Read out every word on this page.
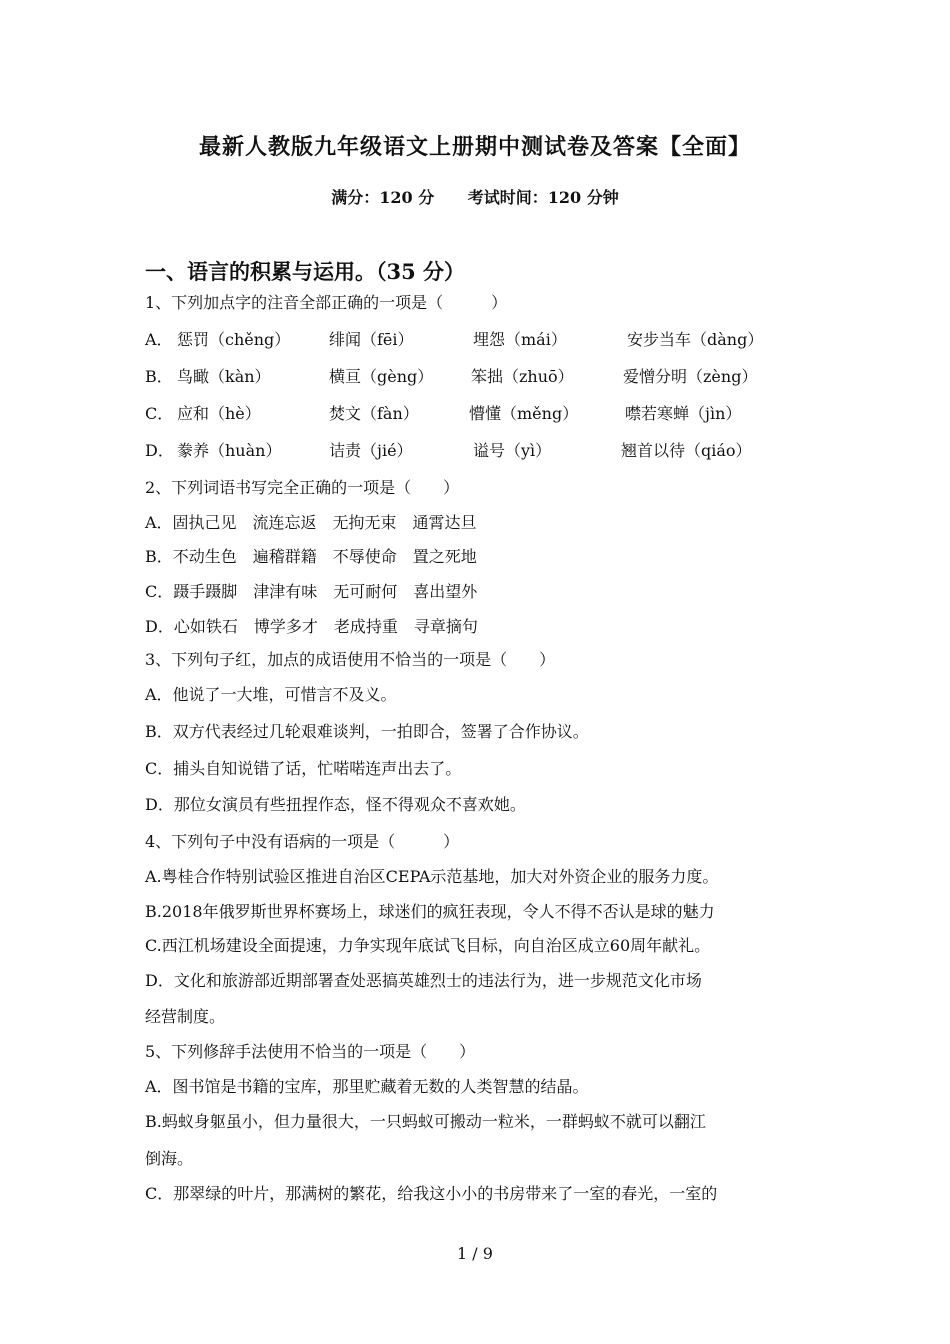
最新人教版九年级语文上册期中测试卷及答案【全面】
满分：120 分 考试时间：120 分钟
一、语言的积累与运用。（35 分）
1、下列加点字的注音全部正确的一项是（　　　）
A． 惩罚（chěng） 绯闻（fēi）	埋怨（mái）	安步当车（dàng）
B． 鸟瞰（kàn）	横亘（gèng） 笨拙（zhuō）	爱憎分明（zèng）
C． 应和（hè）	焚文（fàn）	懵懂（měng）	噤若寒蝉（jìn）
D． 豢养（huàn）	诘责（jié）	谥号（yì）	翘首以待（qiáo）
2、下列词语书写完全正确的一项是（　　）
A．固执己见　流连忘返　无拘无束　通霄达旦
B．不动生色　遍稽群籍　不辱使命　置之死地
C．蹑手蹑脚　津津有味　无可耐何　喜出望外
D．心如铁石　博学多才　老成持重　寻章摘句
3、下列句子红，加点的成语使用不恰当的一项是（　　）
A．他说了一大堆，可惜言不及义。
B．双方代表经过几轮艰难谈判，一拍即合，签署了合作协议。
C．捕头自知说错了话，忙喏喏连声出去了。
D．那位女演员有些扭捏作态，怪不得观众不喜欢她。
4、下列句子中没有语病的一项是（　　　）
A.粤桂合作特别试验区推进自治区CEPA示范基地，加大对外资企业的服务力度。
B.2018年俄罗斯世界杯赛场上，球迷们的疯狂表现，令人不得不否认是球的魅力
C.西江机场建设全面提速，力争实现年底试飞目标，向自治区成立60周年献礼。
D．文化和旅游部近期部署查处恶搞英雄烈士的违法行为，进一步规范文化市场
经营制度。
5、下列修辞手法使用不恰当的一项是（　　）
A．图书馆是书籍的宝库，那里贮藏着无数的人类智慧的结晶。
B.蚂蚁身躯虽小，但力量很大，一只蚂蚁可搬动一粒米，一群蚂蚁不就可以翻江
倒海。
C．那翠绿的叶片，那满树的繁花，给我这小小的书房带来了一室的春光，一室的
1 / 9
